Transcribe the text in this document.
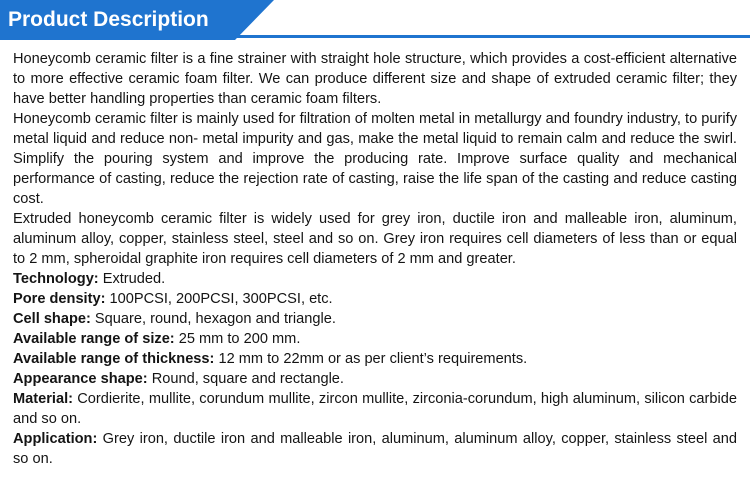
Product Description

Honeycomb ceramic filter is a fine strainer with straight hole structure, which provides a cost-efficient alternative to more effective ceramic foam filter. We can produce different size and shape of extruded ceramic filter; they have better handling properties than ceramic foam filters.

Honeycomb ceramic filter is mainly used for filtration of molten metal in metallurgy and foundry industry, to purify metal liquid and reduce non- metal impurity and gas, make the metal liquid to remain calm and reduce the swirl. Simplify the pouring system and improve the producing rate. Improve surface quality and mechanical performance of casting, reduce the rejection rate of casting, raise the life span of the casting and reduce casting cost.

Extruded honeycomb ceramic filter is widely used for grey iron, ductile iron and malleable iron, aluminum, aluminum alloy, copper, stainless steel, steel and so on. Grey iron requires cell diameters of less than or equal to 2 mm, spheroidal graphite iron requires cell diameters of 2 mm and greater.

Technology: Extruded.

Pore density: 100PCSI, 200PCSI, 300PCSI, etc.

Cell shape: Square, round, hexagon and triangle.

Available range of size: 25 mm to 200 mm.

Available range of thickness: 12 mm to 22mm or as per client’s requirements.

Appearance shape: Round, square and rectangle.

Material: Cordierite, mullite, corundum mullite, zircon mullite, zirconia-corundum, high aluminum, silicon carbide and so on.

Application: Grey iron, ductile iron and malleable iron, aluminum, aluminum alloy, copper, stainless steel and so on.
